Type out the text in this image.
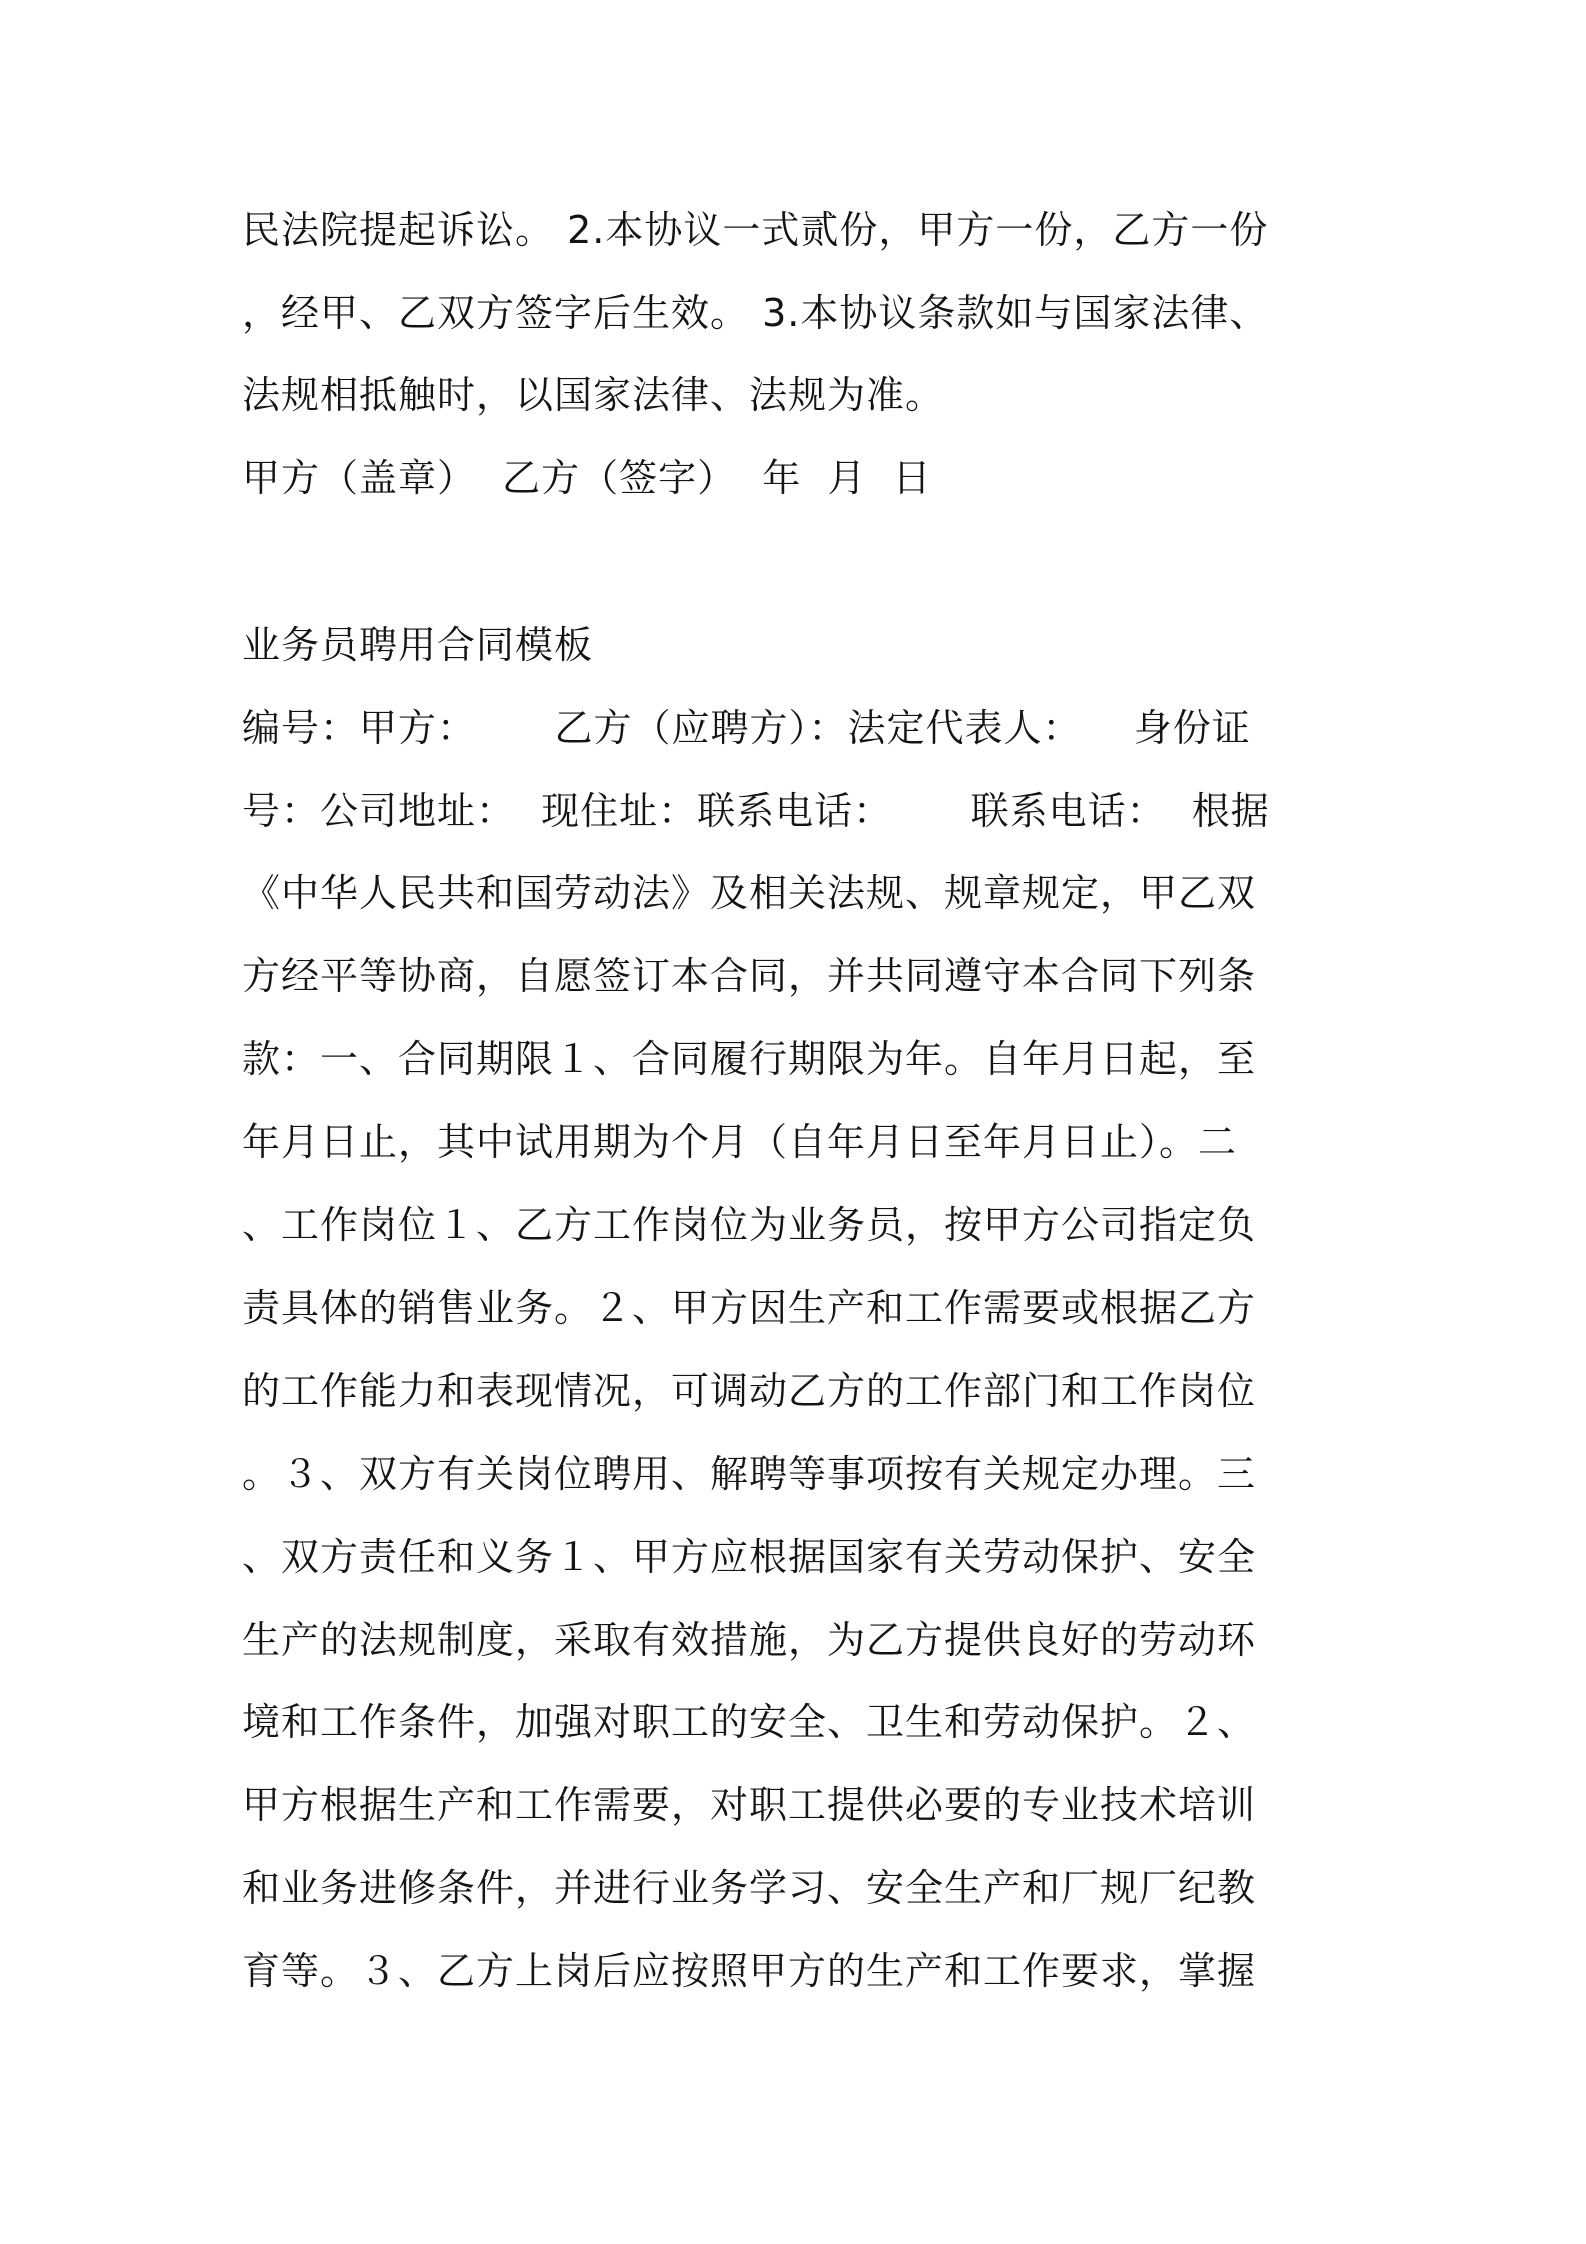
民法院提起诉讼。 2.本协议一式贰份，甲方一份，乙方一份
，经甲、乙双方签字后生效。 3.本协议条款如与国家法律、
法规相抵触时，以国家法律、法规为准。
甲方（盖章）  乙方（签字）  年  月  日
业务员聘用合同模板
编号：甲方：      乙方（应聘方）：法定代表人：    身份证
号：公司地址：  现住址：联系电话：      联系电话：  根据
《中华人民共和国劳动法》及相关法规、规章规定，甲乙双
方经平等协商，自愿签订本合同，并共同遵守本合同下列条
款：一、合同期限１、合同履行期限为年。自年月日起，至
年月日止，其中试用期为个月（自年月日至年月日止）。二
、工作岗位１、乙方工作岗位为业务员，按甲方公司指定负
责具体的销售业务。２、甲方因生产和工作需要或根据乙方
的工作能力和表现情况，可调动乙方的工作部门和工作岗位
。３、双方有关岗位聘用、解聘等事项按有关规定办理。三
、双方责任和义务１、甲方应根据国家有关劳动保护、安全
生产的法规制度，采取有效措施，为乙方提供良好的劳动环
境和工作条件，加强对职工的安全、卫生和劳动保护。２、
甲方根据生产和工作需要，对职工提供必要的专业技术培训
和业务进修条件，并进行业务学习、安全生产和厂规厂纪教
育等。３、乙方上岗后应按照甲方的生产和工作要求，掌握
